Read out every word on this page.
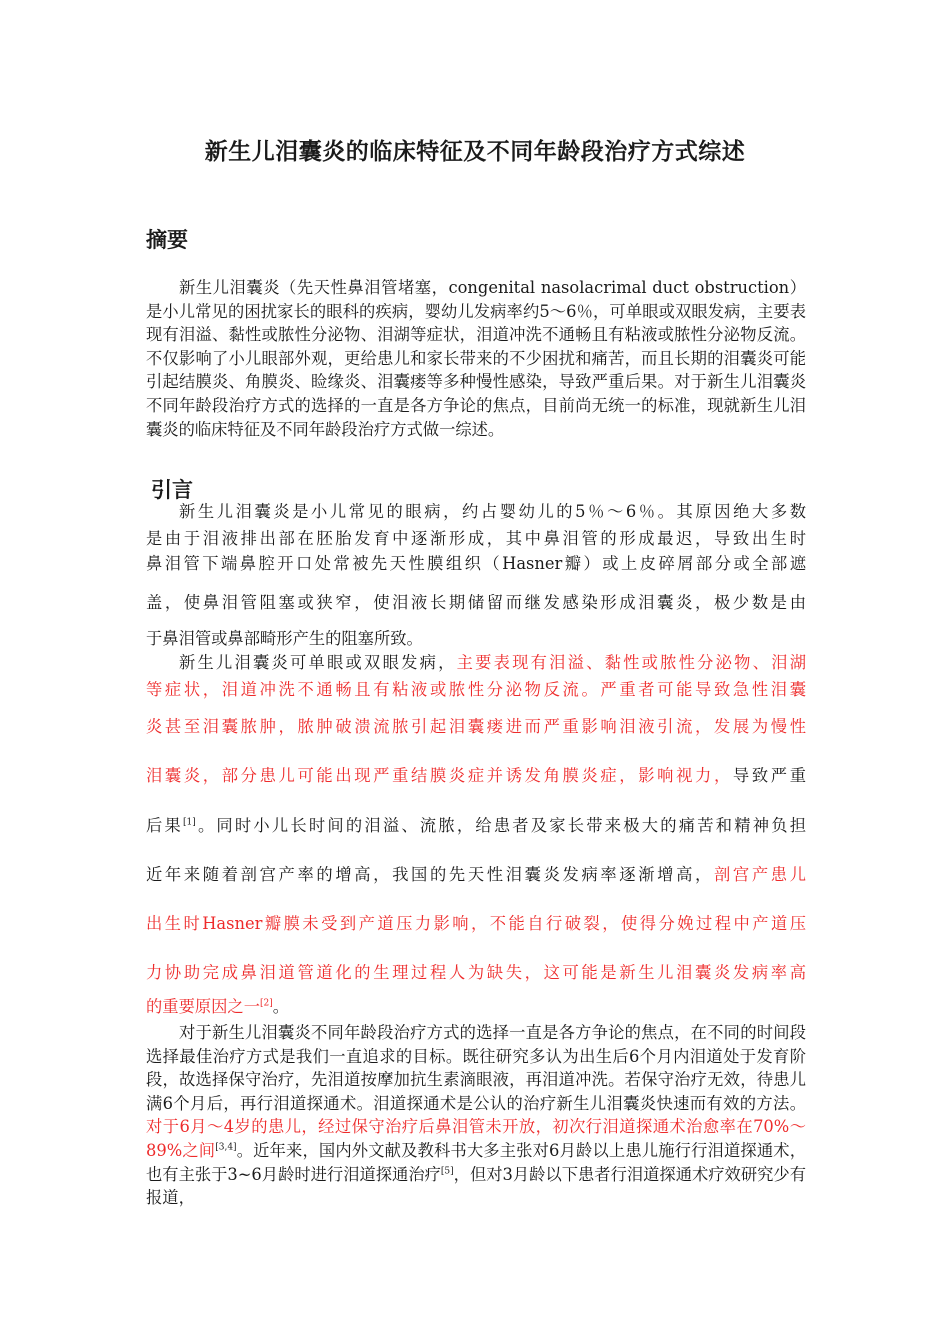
新生儿泪囊炎的临床特征及不同年龄段治疗方式综述
摘要

新生儿泪囊炎（先天性鼻泪管堵塞，congenital nasolacrimal duct obstruction）是小儿常见的困扰家长的眼科的疾病，婴幼儿发病率约5～6％，可单眼或双眼发病，主要表现有泪溢、黏性或脓性分泌物、泪湖等症状，泪道冲洗不通畅且有粘液或脓性分泌物反流。不仅影响了小儿眼部外观，更给患儿和家长带来的不少困扰和痛苦，而且长期的泪囊炎可能引起结膜炎、角膜炎、睑缘炎、泪囊瘘等多种慢性感染，导致严重后果。对于新生儿泪囊炎不同年龄段治疗方式的选择的一直是各方争论的焦点，目前尚无统一的标准，现就新生儿泪囊炎的临床特征及不同年龄段治疗方式做一综述。

引言

新生儿泪囊炎是小儿常见的眼病，约占婴幼儿的5％～6％。其原因绝大多数

是由于泪液排出部在胚胎发育中逐渐形成，其中鼻泪管的形成最迟，导致出生时

鼻泪管下端鼻腔开口处常被先天性膜组织（Hasner瓣）或上皮碎屑部分或全部遮

盖，使鼻泪管阻塞或狭窄，使泪液长期储留而继发感染形成泪囊炎，极少数是由

于鼻泪管或鼻部畸形产生的阻塞所致。

新生儿泪囊炎可单眼或双眼发病，主要表现有泪溢、黏性或脓性分泌物、泪湖

等症状，泪道冲洗不通畅且有粘液或脓性分泌物反流。严重者可能导致急性泪囊

炎甚至泪囊脓肿，脓肿破溃流脓引起泪囊瘘进而严重影响泪液引流，发展为慢性

泪囊炎，部分患儿可能出现严重结膜炎症并诱发角膜炎症，影响视力，导致严重

后果[1]。同时小儿长时间的泪溢、流脓，给患者及家长带来极大的痛苦和精神负担

近年来随着剖宫产率的增高，我国的先天性泪囊炎发病率逐渐增高，剖宫产患儿

出生时Hasner瓣膜未受到产道压力影响，不能自行破裂，使得分娩过程中产道压

力协助完成鼻泪道管道化的生理过程人为缺失，这可能是新生儿泪囊炎发病率高

的重要原因之一[2]。

对于新生儿泪囊炎不同年龄段治疗方式的选择一直是各方争论的焦点，在不同的时间段选择最佳治疗方式是我们一直追求的目标。既往研究多认为出生后6个月内泪道处于发育阶段，故选择保守治疗，先泪道按摩加抗生素滴眼液，再泪道冲洗。若保守治疗无效，待患儿满6个月后，再行泪道探通术。泪道探通术是公认的治疗新生儿泪囊炎快速而有效的方法。对于6月～4岁的患儿，经过保守治疗后鼻泪管未开放，初次行泪道探通术治愈率在70%～89%之间[3,4]。近年来，国内外文献及教科书大多主张对6月龄以上患儿施行行泪道探通术，也有主张于3~6月龄时进行泪道探通治疗[5]，但对3月龄以下患者行泪道探通术疗效研究少有报道，
